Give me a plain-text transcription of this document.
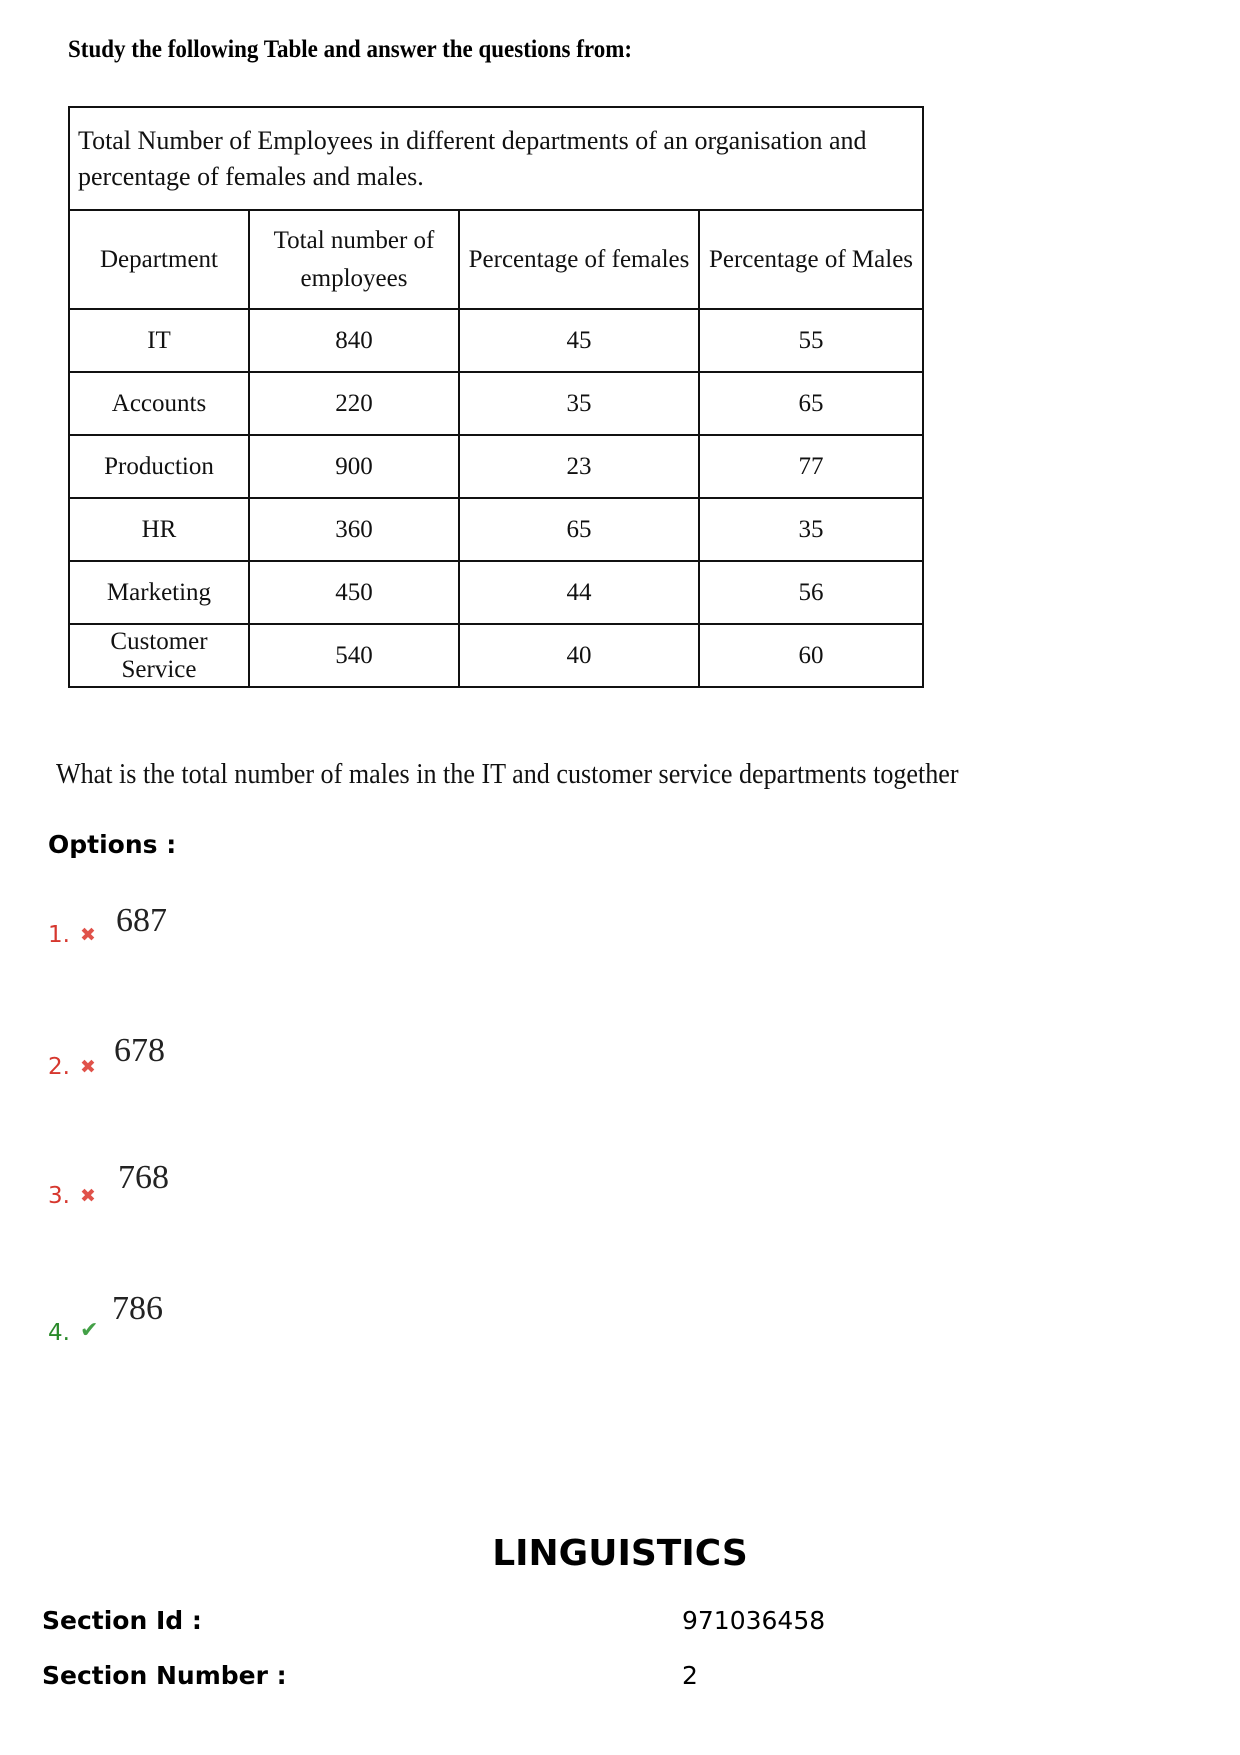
Study the following Table and answer the questions from:
Total Number of Employees in different departments of an organisation and percentage of females and males.			
Department	Total number of employees	Percentage of females	Percentage of Males
IT	840	45	55
Accounts	220	35	65
Production	900	23	77
HR	360	65	35
Marketing	450	44	56
Customer Service	540	40	60
What is the total number of males in the IT and customer service departments together
Options :
1. ✖ 687
2. ✖ 678
3. ✖ 768
4. ✔
786
LINGUISTICS
Section Id :	971036458
Section Number :	2
